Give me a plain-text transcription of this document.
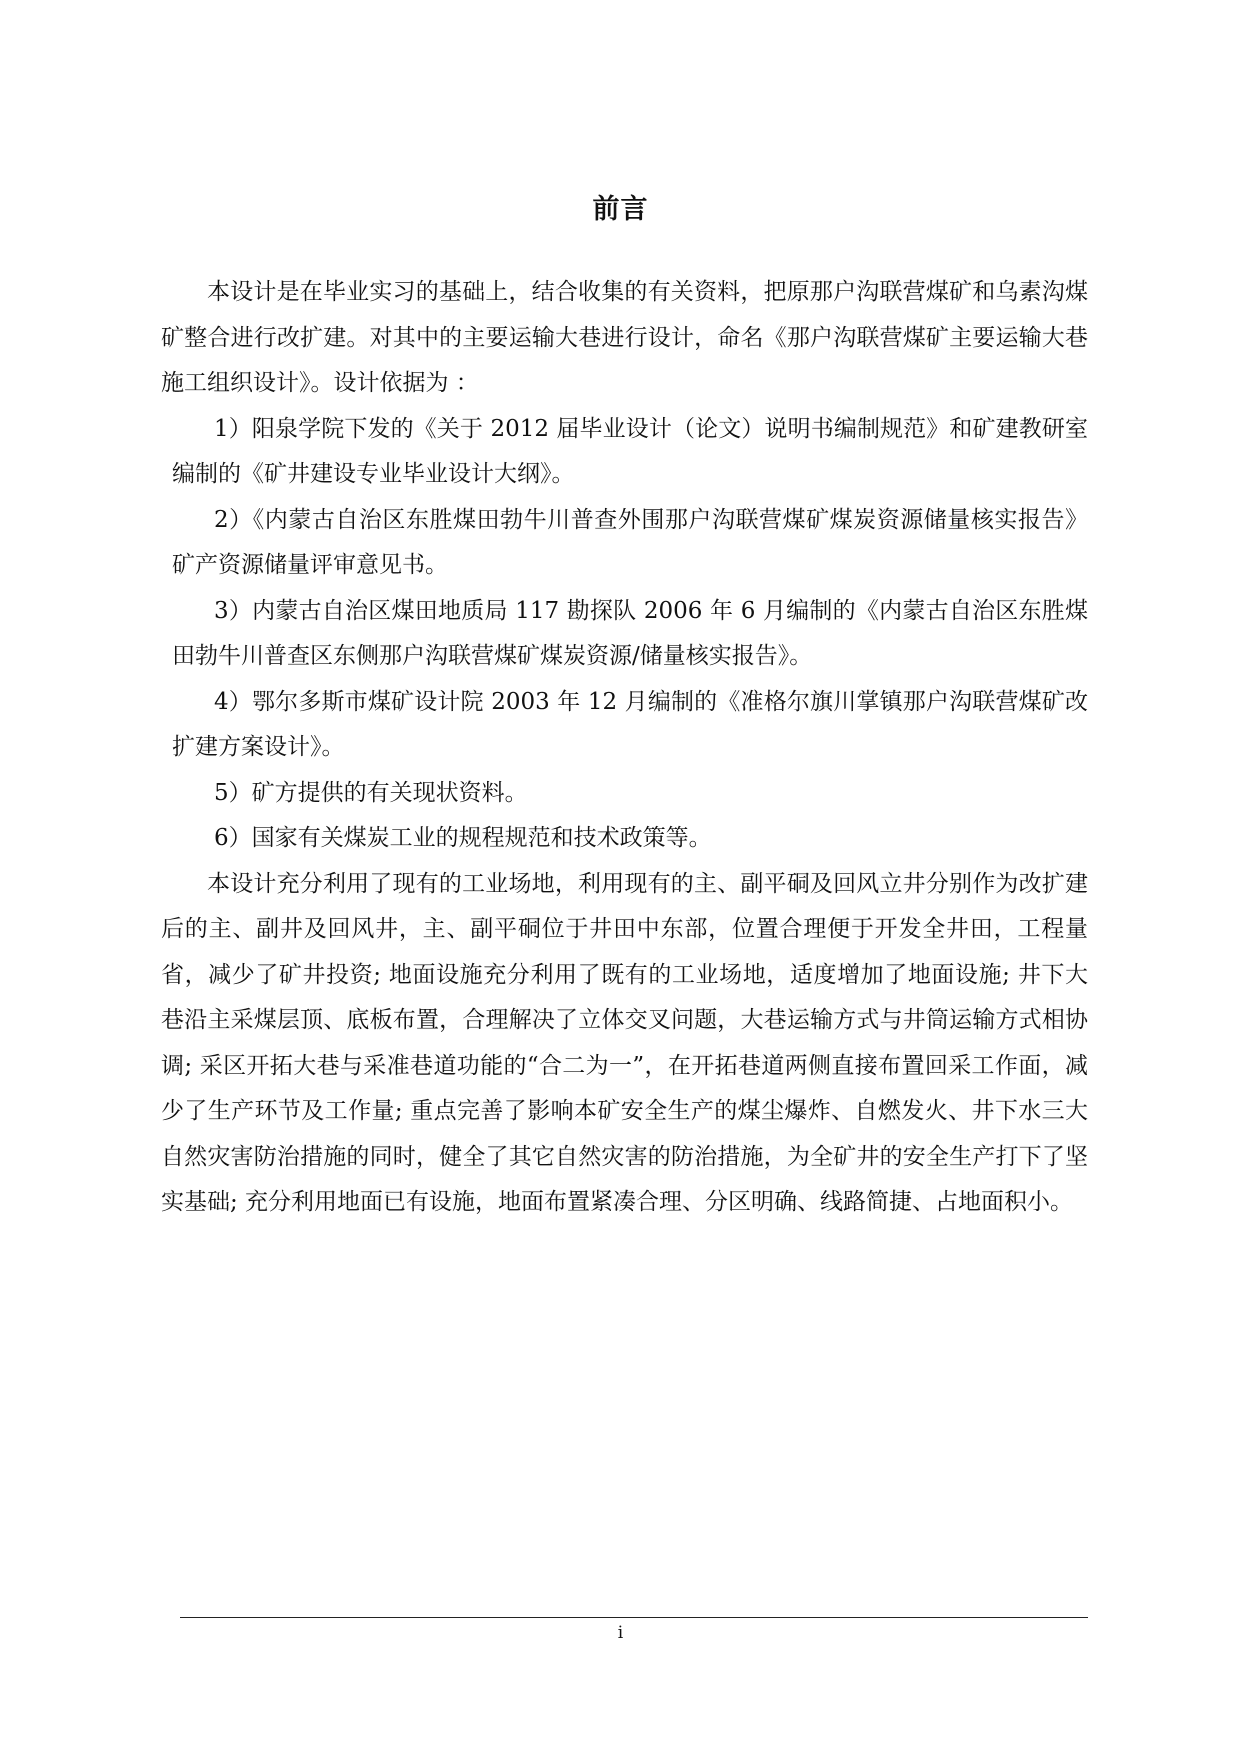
前言

本设计是在毕业实习的基础上，结合收集的有关资料，把原那户沟联营煤矿和乌素沟煤矿整合进行改扩建。对其中的主要运输大巷进行设计，命名《那户沟联营煤矿主要运输大巷施工组织设计》。设计依据为 ：

1）阳泉学院下发的《关于 2012 届毕业设计（论文）说明书编制规范》和矿建教研室编制的《矿井建设专业毕业设计大纲》。

2）《内蒙古自治区东胜煤田勃牛川普查外围那户沟联营煤矿煤炭资源储量核实报告》矿产资源储量评审意见书。

3）内蒙古自治区煤田地质局 117 勘探队 2006 年 6 月编制的《内蒙古自治区东胜煤田勃牛川普查区东侧那户沟联营煤矿煤炭资源/储量核实报告》。

4）鄂尔多斯市煤矿设计院 2003 年 12 月编制的《准格尔旗川掌镇那户沟联营煤矿改扩建方案设计》。

5）矿方提供的有关现状资料。

6）国家有关煤炭工业的规程规范和技术政策等。

本设计充分利用了现有的工业场地，利用现有的主、副平硐及回风立井分别作为改扩建后的主、副井及回风井，主、副平硐位于井田中东部，位置合理便于开发全井田，工程量省，减少了矿井投资; 地面设施充分利用了既有的工业场地，适度增加了地面设施; 井下大巷沿主采煤层顶、底板布置，合理解决了立体交叉问题，大巷运输方式与井筒运输方式相协调; 采区开拓大巷与采准巷道功能的“合二为一”，在开拓巷道两侧直接布置回采工作面，减少了生产环节及工作量; 重点完善了影响本矿安全生产的煤尘爆炸、自燃发火、井下水三大自然灾害防治措施的同时，健全了其它自然灾害的防治措施，为全矿井的安全生产打下了坚实基础; 充分利用地面已有设施，地面布置紧凑合理、分区明确、线路简捷、占地面积小。

i
